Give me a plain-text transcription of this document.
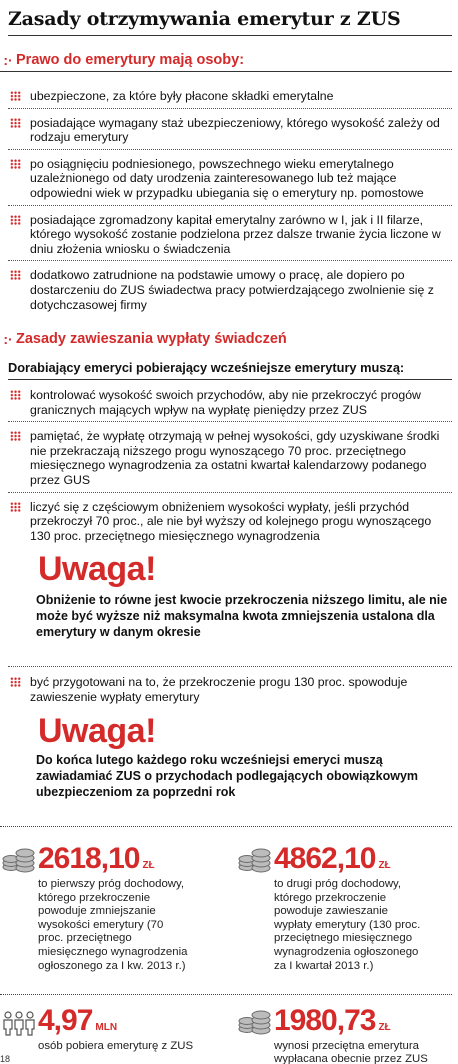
Zasady otrzymywania emerytur z ZUS
:· Prawo do emerytury mają osoby:
ubezpieczone, za które były płacone składki emerytalne
posiadające wymagany staż ubezpieczeniowy, którego wysokość zależy od rodzaju emerytury
po osiągnięciu podniesionego, powszechnego wieku emerytalnego uzależnionego od daty urodzenia zainteresowanego lub też mające odpowiedni wiek w przypadku ubiegania się o emerytury np. pomostowe
posiadające zgromadzony kapitał emerytalny zarówno w I, jak i II filarze, którego wysokość zostanie podzielona przez dalsze trwanie życia liczone w dniu złożenia wniosku o świadczenia
dodatkowo zatrudnione na podstawie umowy o pracę, ale dopiero po dostarczeniu do ZUS świadectwa pracy potwierdzającego zwolnienie się z dotychczasowej firmy
:· Zasady zawieszania wypłaty świadczeń
Dorabiający emeryci pobierający wcześniejsze emerytury muszą:
kontrolować wysokość swoich przychodów, aby nie przekroczyć progów granicznych mających wpływ na wypłatę pieniędzy przez ZUS
pamiętać, że wypłatę otrzymają w pełnej wysokości, gdy uzyskiwane środki nie przekraczają niższego progu wynoszącego 70 proc. przeciętnego miesięcznego wynagrodzenia za ostatni kwartał kalendarzowy podanego przez GUS
liczyć się z częściowym obniżeniem wysokości wypłaty, jeśli przychód przekroczył 70 proc., ale nie był wyższy od kolejnego progu wynoszącego 130 proc. przeciętnego miesięcznego wynagrodzenia
Uwaga!
Obniżenie to równe jest kwocie przekroczenia niższego limitu, ale nie może być wyższe niż maksymalna kwota zmniejszenia ustalona dla emerytury w danym okresie
być przygotowani na to, że przekroczenie progu 130 proc. spowoduje zawieszenie wypłaty emerytury
Uwaga!
Do końca lutego każdego roku wcześniejsi emeryci muszą zawiadamiać ZUS o przychodach podlegających obowiązkowym ubezpieczeniom za poprzedni rok
2618,10 ZŁ
to pierwszy próg dochodowy, którego przekroczenie powoduje zmniejszanie wysokości emerytury (70 proc. przeciętnego miesięcznego wynagrodzenia ogłoszonego za I kw. 2013 r.)
4862,10 ZŁ
to drugi próg dochodowy, którego przekroczenie powoduje zawieszanie wypłaty emerytury (130 proc. przeciętnego miesięcznego wynagrodzenia ogłoszonego za I kwartał 2013 r.)
4,97 MLN
osób pobiera emeryturę z ZUS
1980,73 ZŁ
wynosi przeciętna emerytura wypłacana obecnie przez ZUS
18
